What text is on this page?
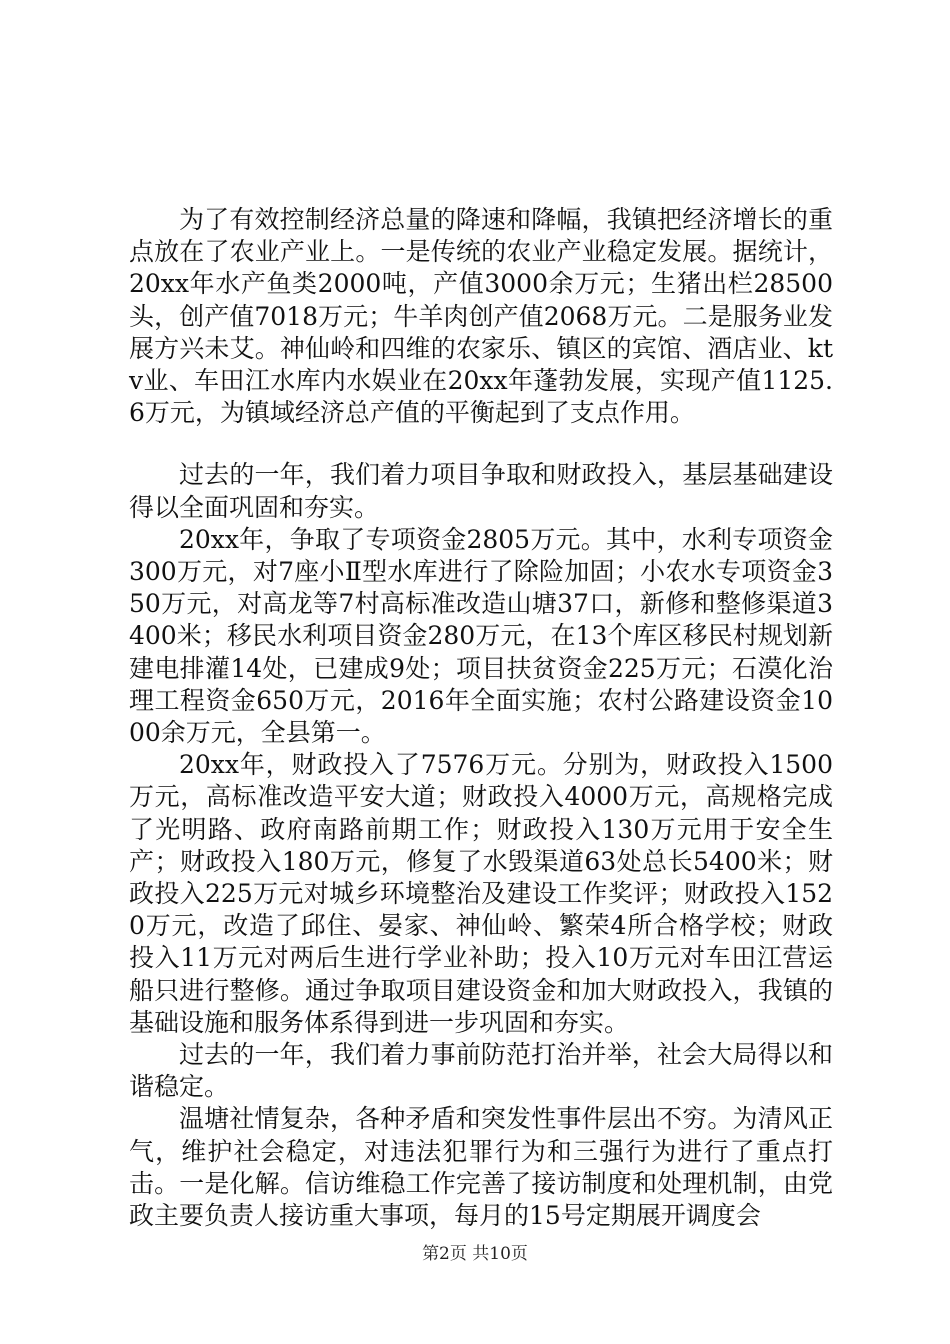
为了有效控制经济总量的降速和降幅，我镇把经济增长的重点放在了农业产业上。一是传统的农业产业稳定发展。据统计，20xx年水产鱼类2000吨，产值3000余万元；生猪出栏28500头，创产值7018万元；牛羊肉创产值2068万元。二是服务业发展方兴未艾。神仙岭和四维的农家乐、镇区的宾馆、酒店业、ktv业、车田江水库内水娱业在20xx年蓬勃发展，实现产值1125.6万元，为镇域经济总产值的平衡起到了支点作用。

过去的一年，我们着力项目争取和财政投入，基层基础建设得以全面巩固和夯实。

20xx年，争取了专项资金2805万元。其中，水利专项资金300万元，对7座小Ⅱ型水库进行了除险加固；小农水专项资金350万元，对高龙等7村高标准改造山塘37口，新修和整修渠道3400米；移民水利项目资金280万元，在13个库区移民村规划新建电排灌14处，已建成9处；项目扶贫资金225万元；石漠化治理工程资金650万元，2016年全面实施；农村公路建设资金1000余万元，全县第一。

20xx年，财政投入了7576万元。分别为，财政投入1500万元，高标准改造平安大道；财政投入4000万元，高规格完成了光明路、政府南路前期工作；财政投入130万元用于安全生产；财政投入180万元，修复了水毁渠道63处总长5400米；财政投入225万元对城乡环境整治及建设工作奖评；财政投入1520万元，改造了邱住、晏家、神仙岭、繁荣4所合格学校；财政投入11万元对两后生进行学业补助；投入10万元对车田江营运船只进行整修。通过争取项目建设资金和加大财政投入，我镇的基础设施和服务体系得到进一步巩固和夯实。

过去的一年，我们着力事前防范打治并举，社会大局得以和谐稳定。

温塘社情复杂，各种矛盾和突发性事件层出不穷。为清风正气，维护社会稳定，对违法犯罪行为和三强行为进行了重点打击。一是化解。信访维稳工作完善了接访制度和处理机制，由党政主要负责人接访重大事项，每月的15号定期展开调度会

第2页 共10页
